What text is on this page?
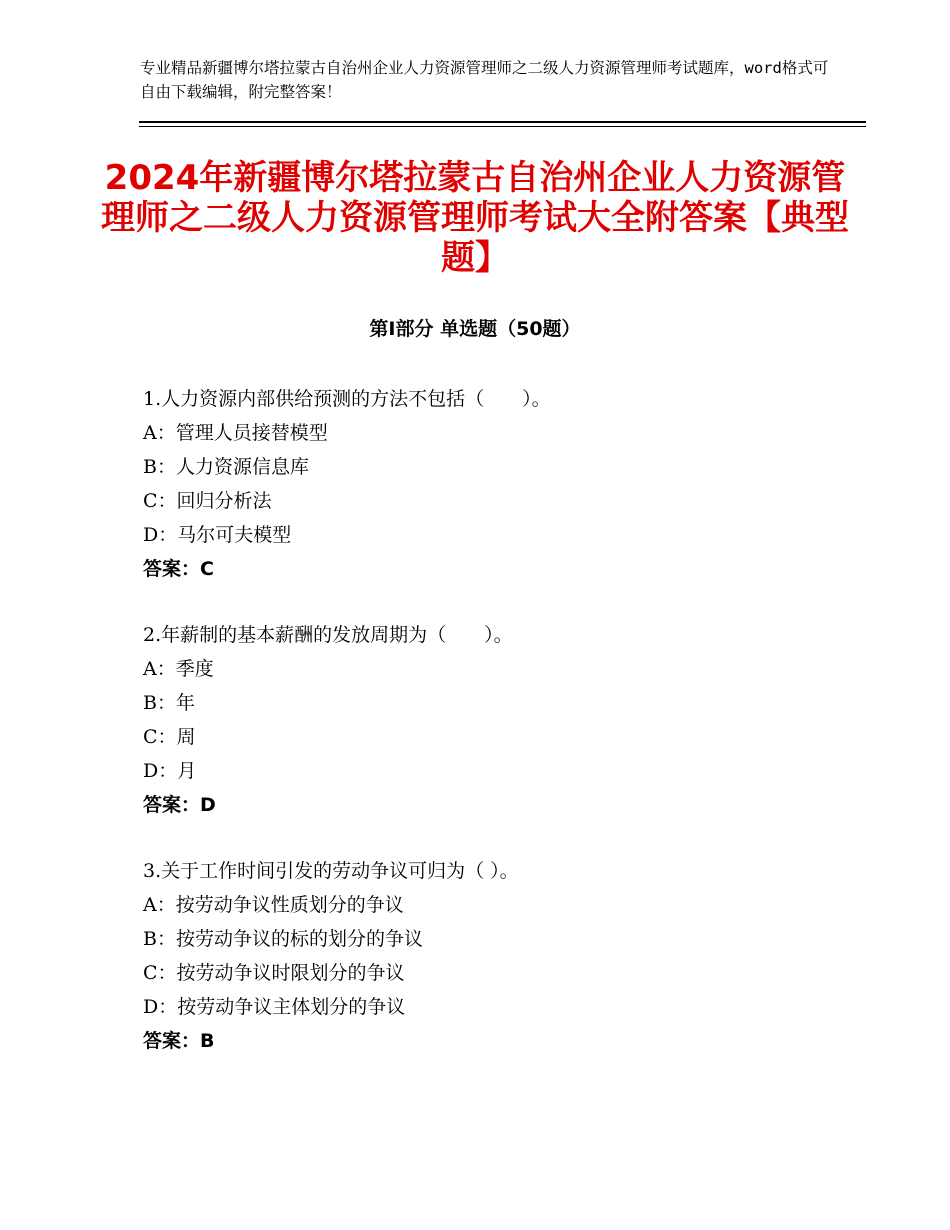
专业精品新疆博尔塔拉蒙古自治州企业人力资源管理师之二级人力资源管理师考试题库，word格式可自由下载编辑，附完整答案！
2024年新疆博尔塔拉蒙古自治州企业人力资源管理师之二级人力资源管理师考试大全附答案【典型题】
第Ⅰ部分 单选题（50题）
1.人力资源内部供给预测的方法不包括（　　）。
A：管理人员接替模型
B：人力资源信息库
C：回归分析法
D：马尔可夫模型
答案：C
2.年薪制的基本薪酬的发放周期为（　　）。
A：季度
B：年
C：周
D：月
答案：D
3.关于工作时间引发的劳动争议可归为（ ）。
A：按劳动争议性质划分的争议
B：按劳动争议的标的划分的争议
C：按劳动争议时限划分的争议
D：按劳动争议主体划分的争议
答案：B
